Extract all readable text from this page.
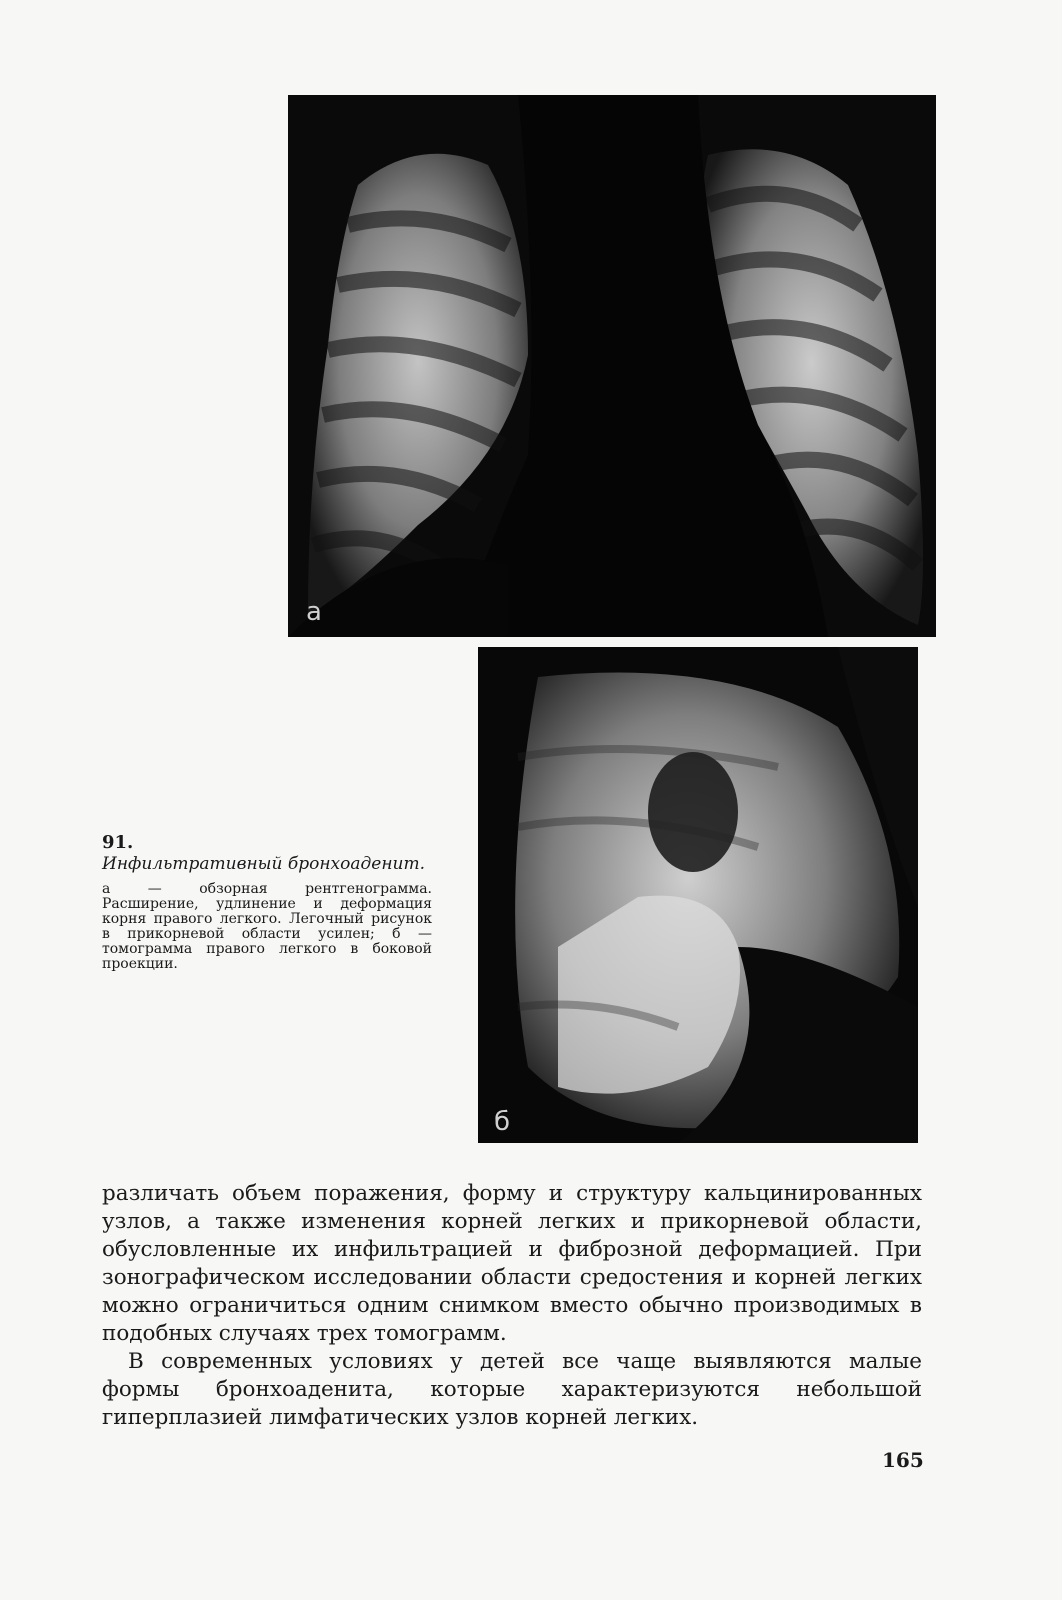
а
б

91.

Инфильтративный бронхоаденит.

а — обзорная рентгенограмма. Расширение, удлинение и деформация корня правого легкого. Легочный рисунок в прикорневой области усилен; б — томограмма правого легкого в боковой проекции.

различать объем поражения, форму и структуру кальцинированных узлов, а также изменения корней легких и прикорневой области, обусловленные их инфильтрацией и фиброзной деформацией. При зонографическом исследовании области средостения и корней легких можно ограничиться одним снимком вместо обычно производимых в подобных случаях трех томограмм.

В современных условиях у детей все чаще выявляются малые формы бронхоаденита, которые характеризуются небольшой гиперплазией лимфатических узлов корней легких.

165
